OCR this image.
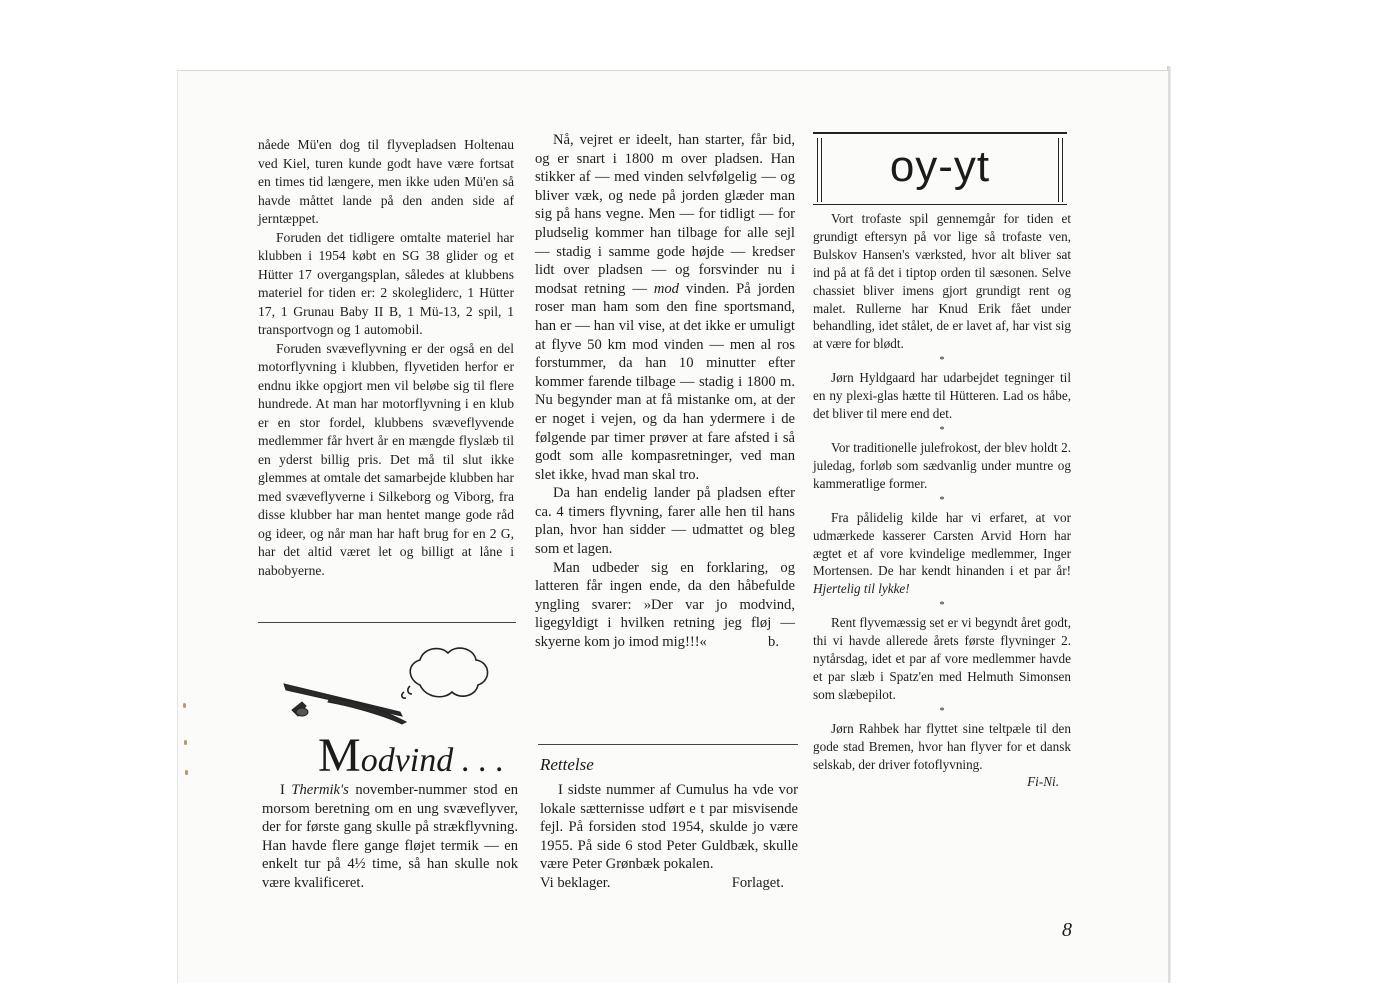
nåede Mü'en dog til flyvepladsen Holtenau ved Kiel, turen kunde godt have være fortsat en times tid længere, men ikke uden Mü'en så havde måttet lande på den anden side af jerntæppet.

Foruden det tidligere omtalte materiel har klubben i 1954 købt en SG 38 glider og et Hütter 17 overgangsplan, således at klubbens materiel for tiden er: 2 skolegliderc, 1 Hütter 17, 1 Grunau Baby II B, 1 Mü-13, 2 spil, 1 transportvogn og 1 automobil.

Foruden svæveflyvning er der også en del motorflyvning i klubben, flyvetiden herfor er endnu ikke opgjort men vil beløbe sig til flere hundrede. At man har motorflyvning i en klub er en stor fordel, klubbens svæveflyvende medlemmer får hvert år en mængde flyslæb til en yderst billig pris. Det må til slut ikke glemmes at omtale det samarbejde klubben har med svæveflyverne i Silkeborg og Viborg, fra disse klubber har man hentet mange gode råd og ideer, og når man har haft brug for en 2 G, har det altid været let og billigt at låne i nabobyerne.

Modvind . . .

I Thermik's november-nummer stod en morsom beretning om en ung svæveflyver, der for første gang skulle på strækflyvning. Han havde flere gange fløjet termik — en enkelt tur på 4½ time, så han skulle nok være kvalificeret.

Nå, vejret er ideelt, han starter, får bid, og er snart i 1800 m over pladsen. Han stikker af — med vinden selvfølgelig — og bliver væk, og nede på jorden glæder man sig på hans vegne. Men — for tidligt — for pludselig kommer han tilbage for alle sejl — stadig i samme gode højde — kredser lidt over pladsen — og forsvinder nu i modsat retning — mod vinden. På jorden roser man ham som den fine sportsmand, han er — han vil vise, at det ikke er umuligt at flyve 50 km mod vinden — men al ros forstummer, da han 10 minutter efter kommer farende tilbage — stadig i 1800 m. Nu begynder man at få mistanke om, at der er noget i vejen, og da han ydermere i de følgende par timer prøver at fare afsted i så godt som alle kompasretninger, ved man slet ikke, hvad man skal tro.

Da han endelig lander på pladsen efter ca. 4 timers flyvning, farer alle hen til hans plan, hvor han sidder — udmattet og bleg som et lagen.

Man udbeder sig en forklaring, og latteren får ingen ende, da den håbefulde yngling svarer: »Der var jo modvind, ligegyldigt i hvilken retning jeg fløj — skyerne kom jo imod mig!!!«	b.

Rettelse

I sidste nummer af Cumulus ha vde vor lokale sætternisse udført e t par misvisende fejl. På forsiden stod 1954, skulde jo være 1955. På side 6 stod Peter Guldbæk, skulle være Peter Grønbæk pokalen.

Vi beklager.	Forlaget.

oy-yt

Vort trofaste spil gennemgår for tiden et grundigt eftersyn på vor lige så trofaste ven, Bulskov Hansen's værksted, hvor alt bliver sat ind på at få det i tiptop orden til sæsonen. Selve chassiet bliver imens gjort grundigt rent og malet. Rullerne har Knud Erik fået under behandling, idet stålet, de er lavet af, har vist sig at være for blødt.

*

Jørn Hyldgaard har udarbejdet tegninger til en ny plexi-glas hætte til Hütteren. Lad os håbe, det bliver til mere end det.

*

Vor traditionelle julefrokost, der blev holdt 2. juledag, forløb som sædvanlig under muntre og kammeratlige former.

*

Fra pålidelig kilde har vi erfaret, at vor udmærkede kasserer Carsten Arvid Horn har ægtet et af vore kvindelige medlemmer, Inger Mortensen. De har kendt hinanden i et par år! Hjertelig til lykke!

*

Rent flyvemæssig set er vi begyndt året godt, thi vi havde allerede årets første flyvninger 2. nytårsdag, idet et par af vore medlemmer havde et par slæb i Spatz'en med Helmuth Simonsen som slæbepilot.

*

Jørn Rahbek har flyttet sine teltpæle til den gode stad Bremen, hvor han flyver for et dansk selskab, der driver fotoflyvning.

Fi-Ni.

8
